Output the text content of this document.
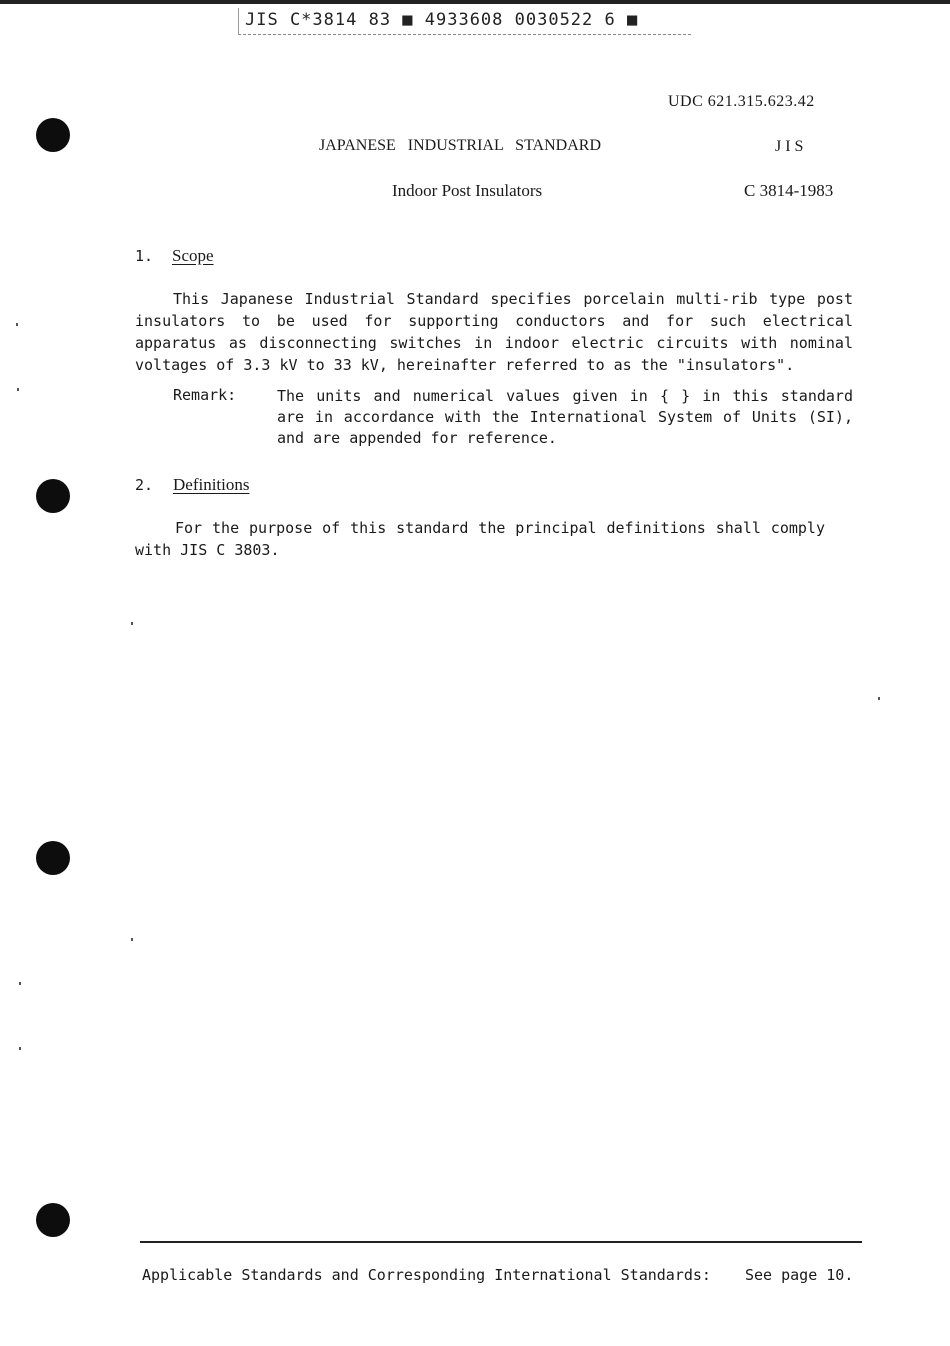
JIS C*3814 83 ■ 4933608 0030522 6 ■
UDC 621.315.623.42
JAPANESE   INDUSTRIAL   STANDARD	J I S
Indoor Post Insulators	C 3814-1983
1. Scope
This Japanese Industrial Standard specifies porcelain multi-rib type post insulators to be used for supporting conductors and for such electrical apparatus as disconnecting switches in indoor electric circuits with nominal voltages of 3.3 kV to 33 kV, hereinafter referred to as the "insulators".
Remark:	The units and numerical values given in { } in this standard are in accordance with the International System of Units (SI), and are appended for reference.
2. Definitions
For the purpose of this standard the principal definitions shall comply with JIS C 3803.
Applicable Standards and Corresponding International Standards: See page 10.
